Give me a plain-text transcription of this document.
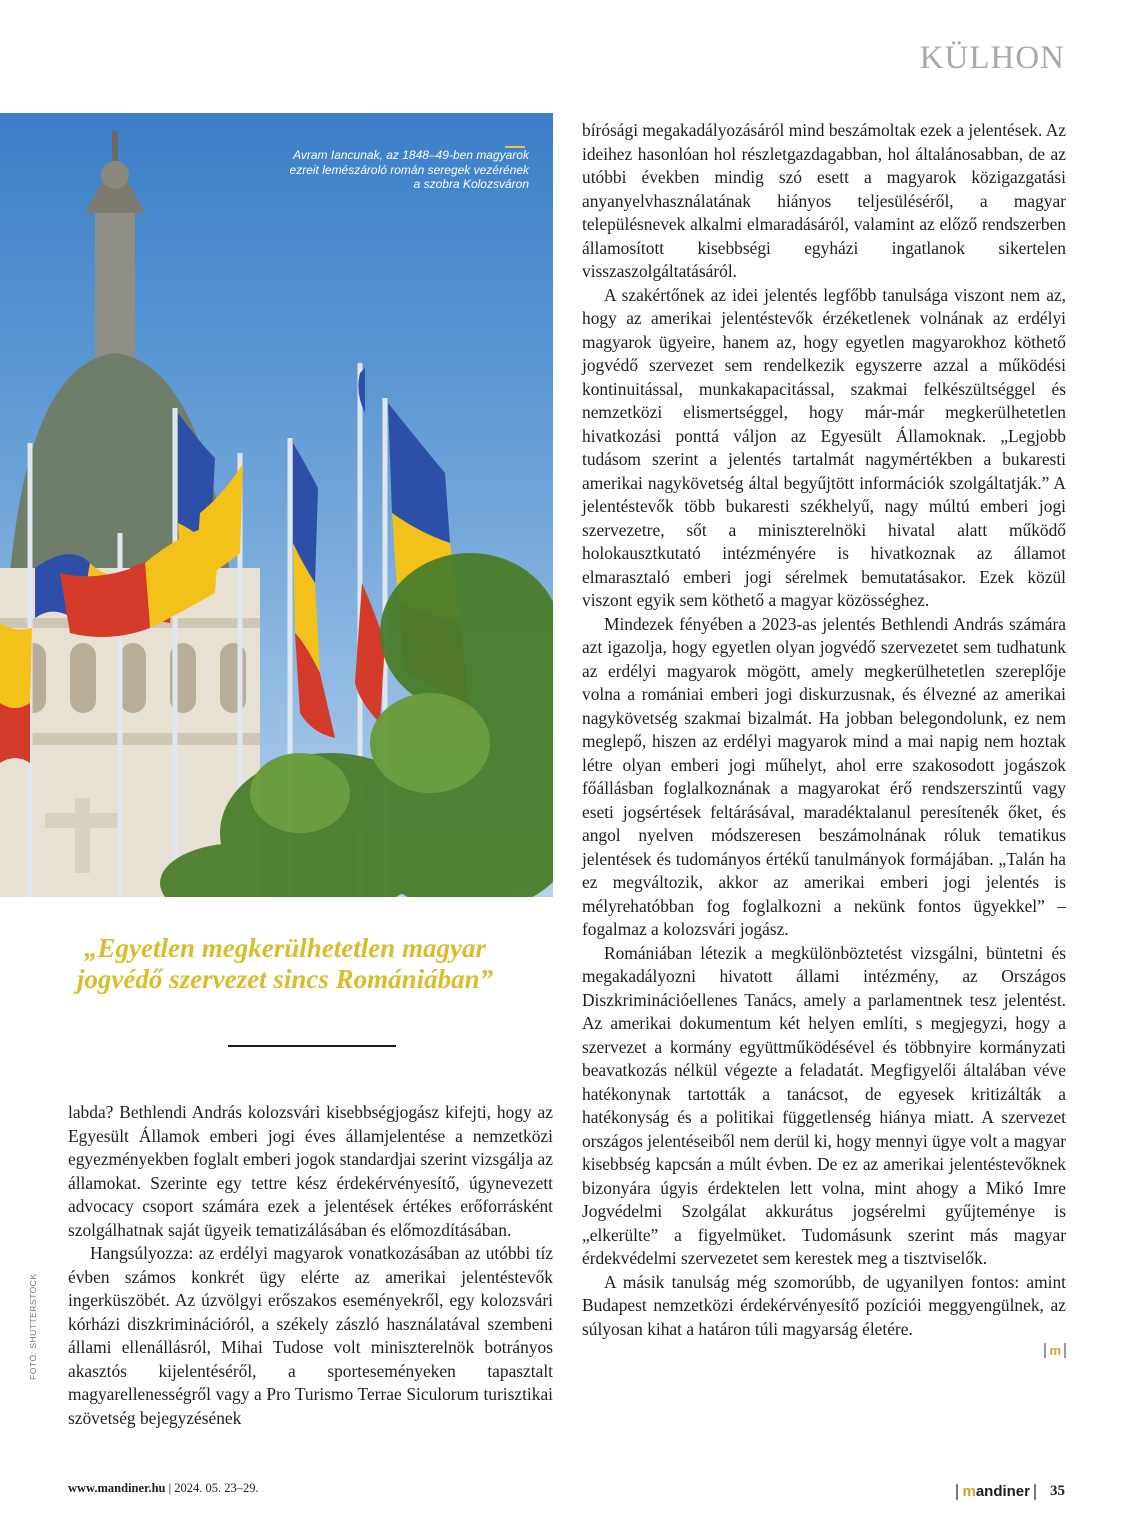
KÜLHON
Avram Iancunak, az 1848–49-ben magyarok ezreit lemészároló román seregek vezérének a szobra Kolozsváron
„Egyetlen megkerülhetetlen magyar jogvédő szervezet sincs Romániában”

labda? Bethlendi András kolozsvári kisebbségjogász kifejti, hogy az Egyesült Államok emberi jogi éves államjelentése a nemzetközi egyezményekben foglalt emberi jogok standardjai szerint vizsgálja az államokat. Szerinte egy tettre kész érdekérvényesítő, úgynevezett advocacy csoport számára ezek a jelentések értékes erőforrásként szolgálhatnak saját ügyeik tematizálásában és előmozdításában.

Hangsúlyozza: az erdélyi magyarok vonatkozásában az utóbbi tíz évben számos konkrét ügy elérte az amerikai jelentéstevők ingerküszöbét. Az úzvölgyi erőszakos eseményekről, egy kolozsvári kórházi diszkriminációról, a székely zászló használatával szembeni állami ellenállásról, Mihai Tudose volt miniszterelnök botrányos akasztós kijelentéséről, a sporteseményeken tapasztalt magyarellenességről vagy a Pro Turismo Terrae Siculorum turisztikai szövetség bejegyzésének

bírósági megakadályozásáról mind beszámoltak ezek a jelentések. Az ideihez hasonlóan hol részletgazdagabban, hol általánosabban, de az utóbbi években mindig szó esett a magyarok közigazgatási anyanyelvhasználatának hiányos teljesüléséről, a magyar településnevek alkalmi elmaradásáról, valamint az előző rendszerben államosított kisebbségi egyházi ingatlanok sikertelen visszaszolgáltatásáról.

A szakértőnek az idei jelentés legfőbb tanulsága viszont nem az, hogy az amerikai jelentéstevők érzéketlenek volnának az erdélyi magyarok ügyeire, hanem az, hogy egyetlen magyarokhoz köthető jogvédő szervezet sem rendelkezik egyszerre azzal a működési kontinuitással, munkakapacitással, szakmai felkészültséggel és nemzetközi elismertséggel, hogy már-már megkerülhetetlen hivatkozási ponttá váljon az Egyesült Államoknak. „Legjobb tudásom szerint a jelentés tartalmát nagymértékben a bukaresti amerikai nagykövetség által begyűjtött információk szolgáltatják.” A jelentéstevők több bukaresti székhelyű, nagy múltú emberi jogi szervezetre, sőt a miniszterelnöki hivatal alatt működő holokausztkutató intézményére is hivatkoznak az államot elmarasztaló emberi jogi sérelmek bemutatásakor. Ezek közül viszont egyik sem köthető a magyar közösséghez.

Mindezek fényében a 2023-as jelentés Bethlendi András számára azt igazolja, hogy egyetlen olyan jogvédő szervezetet sem tudhatunk az erdélyi magyarok mögött, amely megkerülhetetlen szereplője volna a romániai emberi jogi diskurzusnak, és élvezné az amerikai nagykövetség szakmai bizalmát. Ha jobban belegondolunk, ez nem meglepő, hiszen az erdélyi magyarok mind a mai napig nem hoztak létre olyan emberi jogi műhelyt, ahol erre szakosodott jogászok főállásban foglalkoznának a magyarokat érő rendszerszintű vagy eseti jogsértések feltárásával, maradéktalanul peresítenék őket, és angol nyelven módszeresen beszámolnának róluk tematikus jelentések és tudományos értékű tanulmányok formájában. „Talán ha ez megváltozik, akkor az amerikai emberi jogi jelentés is mélyrehatóbban fog foglalkozni a nekünk fontos ügyekkel” – fogalmaz a kolozsvári jogász.

Romániában létezik a megkülönböztetést vizsgálni, büntetni és megakadályozni hivatott állami intézmény, az Országos Diszkriminációellenes Tanács, amely a parlamentnek tesz jelentést. Az amerikai dokumentum két helyen említi, s megjegyzi, hogy a szervezet a kormány együttműködésével és többnyire kormányzati beavatkozás nélkül végezte a feladatát. Megfigyelői általában véve hatékonynak tartották a tanácsot, de egyesek kritizálták a hatékonyság és a politikai függetlenség hiánya miatt. A szervezet országos jelentéseiből nem derül ki, hogy mennyi ügye volt a magyar kisebbség kapcsán a múlt évben. De ez az amerikai jelentéstevőknek bizonyára úgyis érdektelen lett volna, mint ahogy a Mikó Imre Jogvédelmi Szolgálat akkurátus jogsérelmi gyűjteménye is „elkerülte” a figyelmüket. Tudomásunk szerint más magyar érdekvédelmi szervezetet sem kerestek meg a tisztviselők.

A másik tanulság még szomorúbb, de ugyanilyen fontos: amint Budapest nemzetközi érdekérvényesítő pozíciói meggyengülnek, az súlyosan kihat a határon túli magyarság életére.

m

FOTÓ: SHUTTERSTOCK
www.mandiner.hu | 2024. 05. 23–29.	mandiner	35
